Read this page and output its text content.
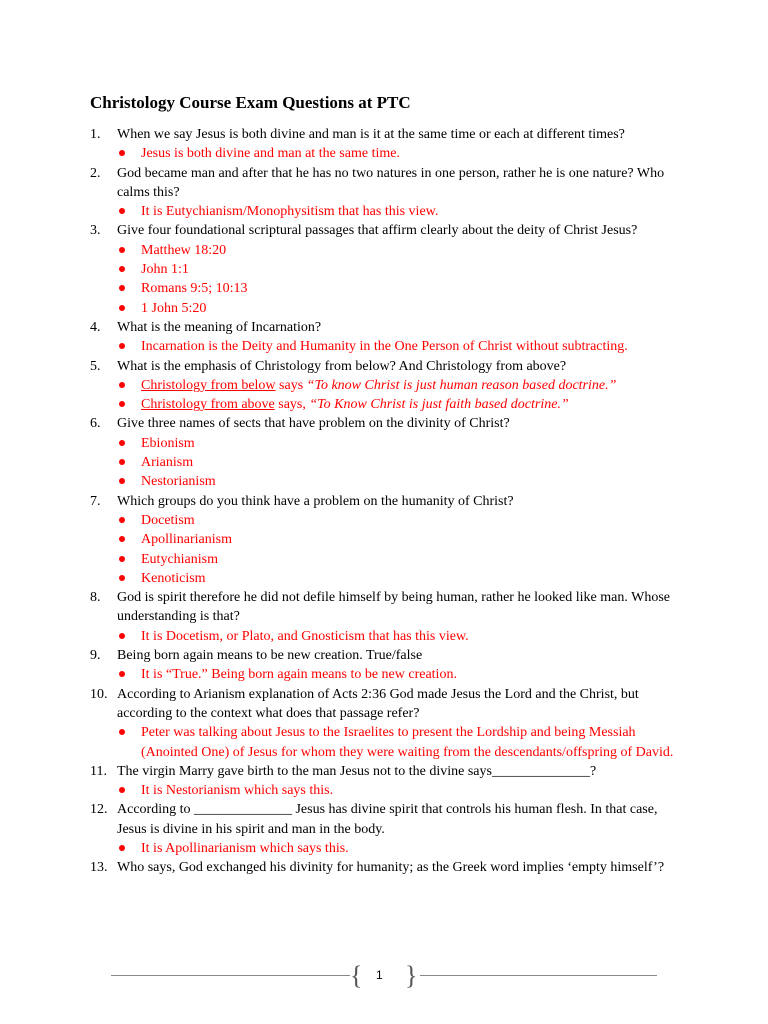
Christology Course Exam Questions at PTC
1. When we say Jesus is both divine and man is it at the same time or each at different times?
Jesus is both divine and man at the same time.
2. God became man and after that he has no two natures in one person, rather he is one nature? Who calms this?
It is Eutychianism/Monophysitism that has this view.
3. Give four foundational scriptural passages that affirm clearly about the deity of Christ Jesus?
Matthew 18:20
John 1:1
Romans 9:5; 10:13
1 John 5:20
4. What is the meaning of Incarnation?
Incarnation is the Deity and Humanity in the One Person of Christ without subtracting.
5. What is the emphasis of Christology from below? And Christology from above?
Christology from below says “To know Christ is just human reason based doctrine.”
Christology from above says, “To Know Christ is just faith based doctrine.”
6. Give three names of sects that have problem on the divinity of Christ?
Ebionism
Arianism
Nestorianism
7. Which groups do you think have a problem on the humanity of Christ?
Docetism
Apollinarianism
Eutychianism
Kenoticism
8. God is spirit therefore he did not defile himself by being human, rather he looked like man. Whose understanding is that?
It is Docetism, or Plato, and Gnosticism that has this view.
9. Being born again means to be new creation. True/false
It is “True.” Being born again means to be new creation.
10. According to Arianism explanation of Acts 2:36 God made Jesus the Lord and the Christ, but according to the context what does that passage refer?
Peter was talking about Jesus to the Israelites to present the Lordship and being Messiah (Anointed One) of Jesus for whom they were waiting from the descendants/offspring of David.
11. The virgin Marry gave birth to the man Jesus not to the divine says______________?
It is Nestorianism which says this.
12. According to ______________ Jesus has divine spirit that controls his human flesh. In that case, Jesus is divine in his spirit and man in the body.
It is Apollinarianism which says this.
13. Who says, God exchanged his divinity for humanity; as the Greek word implies ‘empty himself’?
{ 1 }
